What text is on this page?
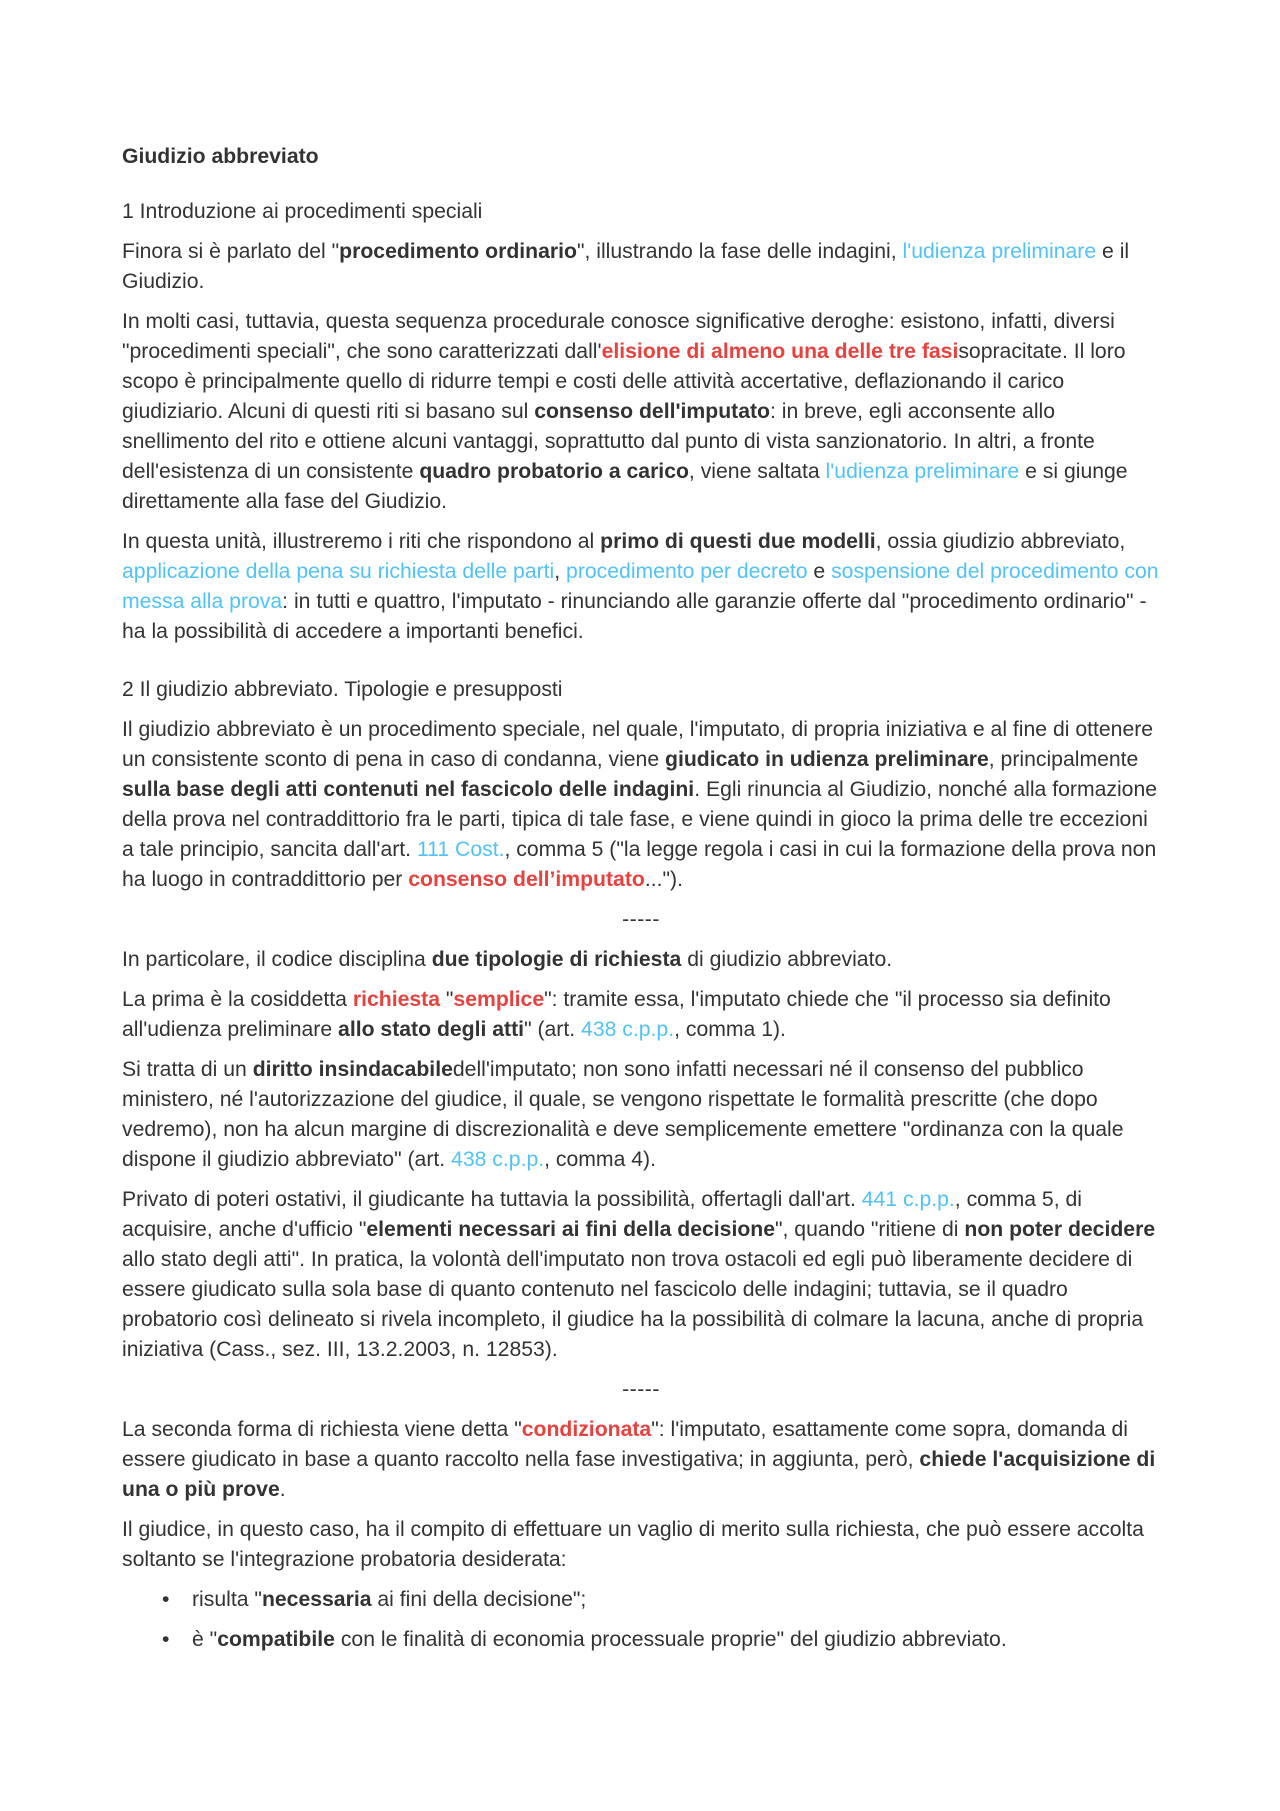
Giudizio abbreviato
1 Introduzione ai procedimenti speciali

Finora si è parlato del "procedimento ordinario", illustrando la fase delle indagini, l'udienza preliminare e il Giudizio.

In molti casi, tuttavia, questa sequenza procedurale conosce significative deroghe: esistono, infatti, diversi "procedimenti speciali", che sono caratterizzati dall'elisione di almeno una delle tre fasisopracitate. Il loro scopo è principalmente quello di ridurre tempi e costi delle attività accertative, deflazionando il carico giudiziario. Alcuni di questi riti si basano sul consenso dell'imputato: in breve, egli acconsente allo snellimento del rito e ottiene alcuni vantaggi, soprattutto dal punto di vista sanzionatorio. In altri, a fronte dell'esistenza di un consistente quadro probatorio a carico, viene saltata l'udienza preliminare e si giunge direttamente alla fase del Giudizio.

In questa unità, illustreremo i riti che rispondono al primo di questi due modelli, ossia giudizio abbreviato, applicazione della pena su richiesta delle parti, procedimento per decreto e sospensione del procedimento con messa alla prova: in tutti e quattro, l'imputato - rinunciando alle garanzie offerte dal "procedimento ordinario" - ha la possibilità di accedere a importanti benefici.

2 Il giudizio abbreviato. Tipologie e presupposti

Il giudizio abbreviato è un procedimento speciale, nel quale, l'imputato, di propria iniziativa e al fine di ottenere un consistente sconto di pena in caso di condanna, viene giudicato in udienza preliminare, principalmente sulla base degli atti contenuti nel fascicolo delle indagini. Egli rinuncia al Giudizio, nonché alla formazione della prova nel contraddittorio fra le parti, tipica di tale fase, e viene quindi in gioco la prima delle tre eccezioni a tale principio, sancita dall'art. 111 Cost., comma 5 ("la legge regola i casi in cui la formazione della prova non ha luogo in contraddittorio per consenso dell’imputato...").

-----

In particolare, il codice disciplina due tipologie di richiesta di giudizio abbreviato.

La prima è la cosiddetta richiesta "semplice": tramite essa, l'imputato chiede che "il processo sia definito all'udienza preliminare allo stato degli atti" (art. 438 c.p.p., comma 1).

Si tratta di un diritto insindacabiledell'imputato; non sono infatti necessari né il consenso del pubblico ministero, né l'autorizzazione del giudice, il quale, se vengono rispettate le formalità prescritte (che dopo vedremo), non ha alcun margine di discrezionalità e deve semplicemente emettere "ordinanza con la quale dispone il giudizio abbreviato" (art. 438 c.p.p., comma 4).

Privato di poteri ostativi, il giudicante ha tuttavia la possibilità, offertagli dall'art. 441 c.p.p., comma 5, di acquisire, anche d'ufficio "elementi necessari ai fini della decisione", quando "ritiene di non poter decidere allo stato degli atti". In pratica, la volontà dell'imputato non trova ostacoli ed egli può liberamente decidere di essere giudicato sulla sola base di quanto contenuto nel fascicolo delle indagini; tuttavia, se il quadro probatorio così delineato si rivela incompleto, il giudice ha la possibilità di colmare la lacuna, anche di propria iniziativa (Cass., sez. III, 13.2.2003, n. 12853).

-----

La seconda forma di richiesta viene detta "condizionata": l'imputato, esattamente come sopra, domanda di essere giudicato in base a quanto raccolto nella fase investigativa; in aggiunta, però, chiede l'acquisizione di una o più prove.

Il giudice, in questo caso, ha il compito di effettuare un vaglio di merito sulla richiesta, che può essere accolta soltanto se l'integrazione probatoria desiderata:

• risulta "necessaria ai fini della decisione";
• è "compatibile con le finalità di economia processuale proprie" del giudizio abbreviato.
